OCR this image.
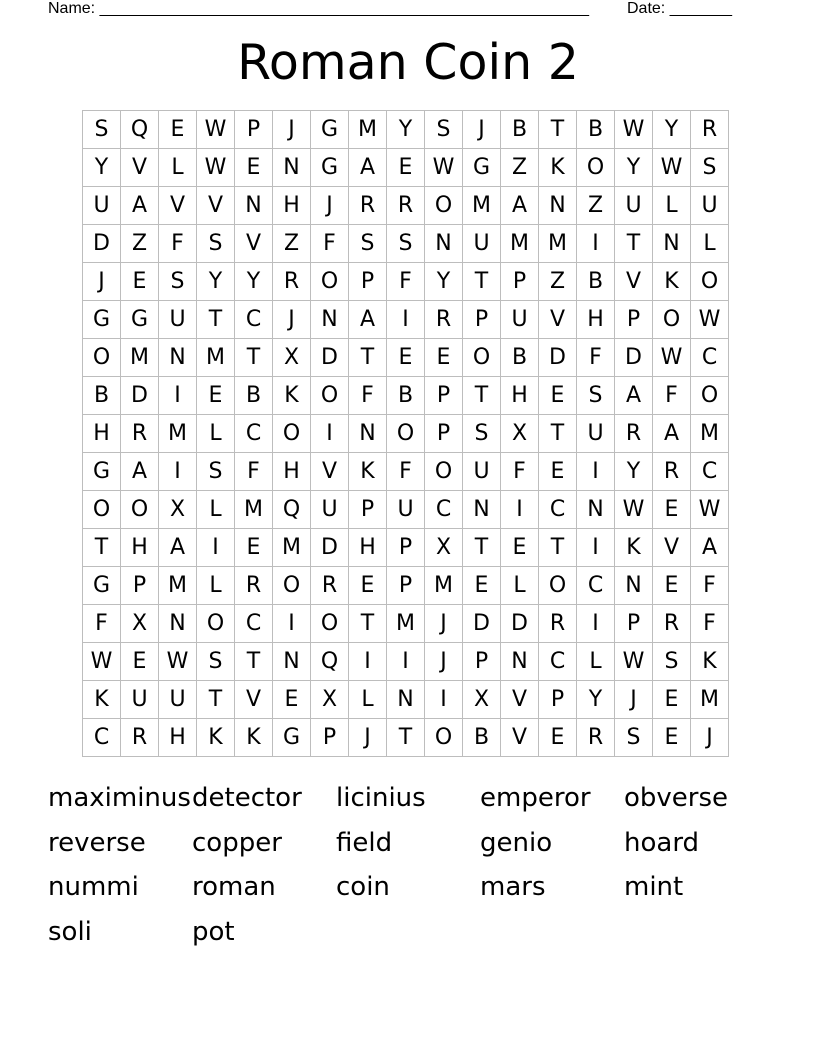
Name: _______________________________________________________ Date: _______
Roman Coin 2
S	Q	E	W	P	J	G	M	Y	S	J	B	T	B	W	Y	R
Y	V	L	W	E	N	G	A	E	W	G	Z	K	O	Y	W	S
U	A	V	V	N	H	J	R	R	O	M	A	N	Z	U	L	U
D	Z	F	S	V	Z	F	S	S	N	U	M	M	I	T	N	L
J	E	S	Y	Y	R	O	P	F	Y	T	P	Z	B	V	K	O
G	G	U	T	C	J	N	A	I	R	P	U	V	H	P	O	W
O	M	N	M	T	X	D	T	E	E	O	B	D	F	D	W	C
B	D	I	E	B	K	O	F	B	P	T	H	E	S	A	F	O
H	R	M	L	C	O	I	N	O	P	S	X	T	U	R	A	M
G	A	I	S	F	H	V	K	F	O	U	F	E	I	Y	R	C
O	O	X	L	M	Q	U	P	U	C	N	I	C	N	W	E	W
T	H	A	I	E	M	D	H	P	X	T	E	T	I	K	V	A
G	P	M	L	R	O	R	E	P	M	E	L	O	C	N	E	F
F	X	N	O	C	I	O	T	M	J	D	D	R	I	P	R	F
W	E	W	S	T	N	Q	I	I	J	P	N	C	L	W	S	K
K	U	U	T	V	E	X	L	N	I	X	V	P	Y	J	E	M
C	R	H	K	K	G	P	J	T	O	B	V	E	R	S	E	J
maximinus detector	licinius	emperor	obverse
reverse	copper	field	genio	hoard
nummi	roman	coin	mars	mint
soli	pot
